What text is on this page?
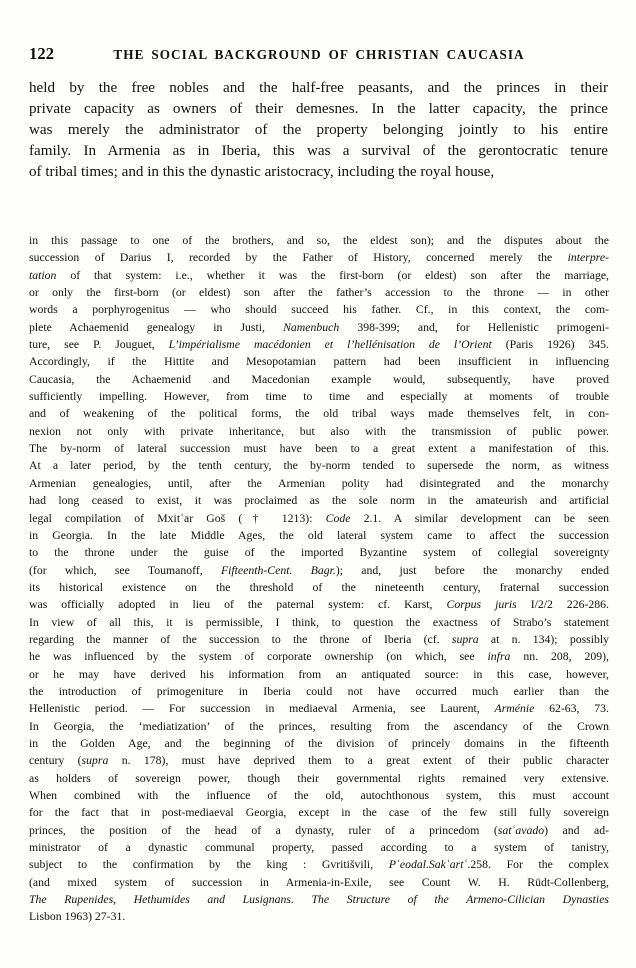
122	THE SOCIAL BACKGROUND OF CHRISTIAN CAUCASIA

held by the free nobles and the half-free peasants, and the princes in their
private capacity as owners of their demesnes. In the latter capacity, the prince
was merely the administrator of the property belonging jointly to his entire
family. In Armenia as in Iberia, this was a survival of the gerontocratic tenure
of tribal times; and in this the dynastic aristocracy, including the royal house,

in this passage to one of the brothers, and so, the eldest son); and the disputes about the
succession of Darius I, recorded by the Father of History, concerned merely the interpre-
tation of that system: i.e., whether it was the first-born (or eldest) son after the marriage,
or only the first-born (or eldest) son after the father’s accession to the throne — in other
words a porphyrogenitus — who should succeed his father. Cf., in this context, the com-
plete Achaemenid genealogy in Justi, Namenbuch 398-399; and, for Hellenistic primogeni-
ture, see P. Jouguet, L’impérialisme macédonien et l’hellénisation de l’Orient (Paris 1926) 345.
Accordingly, if the Hittite and Mesopotamian pattern had been insufficient in influencing
Caucasia, the Achaemenid and Macedonian example would, subsequently, have proved
sufficiently impelling. However, from time to time and especially at moments of trouble
and of weakening of the political forms, the old tribal ways made themselves felt, in con-
nexion not only with private inheritance, but also with the transmission of public power.
The by-norm of lateral succession must have been to a great extent a manifestation of this.
At a later period, by the tenth century, the by-norm tended to supersede the norm, as witness
Armenian genealogies, until, after the Armenian polity had disintegrated and the monarchy
had long ceased to exist, it was proclaimed as the sole norm in the amateurish and artificial
legal compilation of Mxitʿar Goš († 1213): Code 2.1. A similar development can be seen
in Georgia. In the late Middle Ages, the old lateral system came to affect the succession
to the throne under the guise of the imported Byzantine system of collegial sovereignty
(for which, see Toumanoff, Fifteenth-Cent. Bagr.); and, just before the monarchy ended
its historical existence on the threshold of the nineteenth century, fraternal succession
was officially adopted in lieu of the paternal system: cf. Karst, Corpus juris I/2/2 226-286.
In view of all this, it is permissible, I think, to question the exactness of Strabo’s statement
regarding the manner of the succession to the throne of Iberia (cf. supra at n. 134); possibly
he was influenced by the system of corporate ownership (on which, see infra nn. 208, 209),
or he may have derived his information from an antiquated source: in this case, however,
the introduction of primogeniture in Iberia could not have occurred much earlier than the
Hellenistic period. — For succession in mediaeval Armenia, see Laurent, Arménie 62-63, 73.
In Georgia, the ‘mediatization’ of the princes, resulting from the ascendancy of the Crown
in the Golden Age, and the beginning of the division of princely domains in the fifteenth
century (supra n. 178), must have deprived them to a great extent of their public character
as holders of sovereign power, though their governmental rights remained very extensive.
When combined with the influence of the old, autochthonous system, this must account
for the fact that in post-mediaeval Georgia, except in the case of the few still fully sovereign
princes, the position of the head of a dynasty, ruler of a princedom (satʿavado) and ad-
ministrator of a dynastic communal property, passed according to a system of tanistry,
subject to the confirmation by the king : Gvritišvili, Pʿeodal.Sakʿartʿ.258. For the complex
(and mixed system of succession in Armenia-in-Exile, see Count W. H. Rüdt-Collenberg,
The Rupenides, Hethumides and Lusignans. The Structure of the Armeno-Cilician Dynasties
Lisbon 1963) 27-31.
